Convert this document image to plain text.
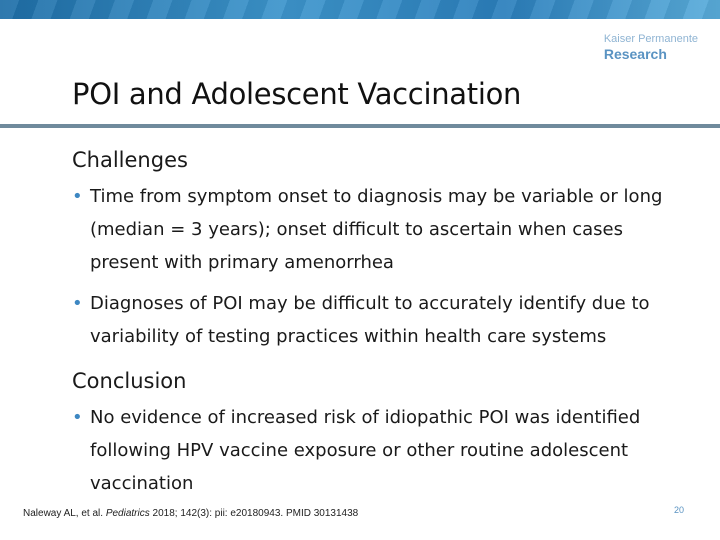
Kaiser Permanente
Research
POI and Adolescent Vaccination
Challenges
• Time from symptom onset to diagnosis may be variable or long (median = 3 years); onset difficult to ascertain when cases present with primary amenorrhea
• Diagnoses of POI may be difficult to accurately identify due to variability of testing practices within health care systems
Conclusion
• No evidence of increased risk of idiopathic POI was identified following HPV vaccine exposure or other routine adolescent vaccination
Naleway AL, et al. Pediatrics 2018; 142(3): pii: e20180943. PMID 30131438	20
